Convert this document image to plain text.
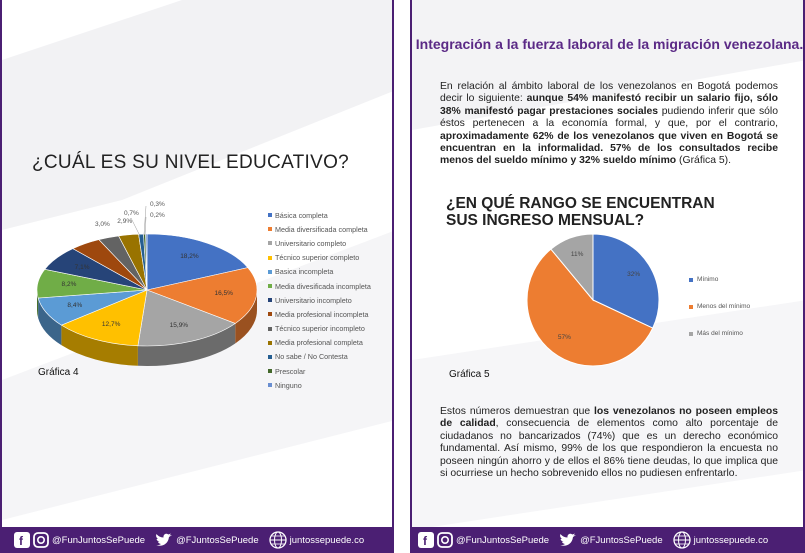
¿CUÁL ES SU NIVEL EDUCATIVO?
18,2%
16,5%
15,9%
12,7%
8,4%
8,2%
7,1%
3,0% 2,9%
0,7%
0,3%
0,2%	Básica completa
Media diversificada completa
Universitario completo
Técnico superior completo
Basica incompleta
Media divesificada incompleta
Universitario incompleto
Media profesional incompleta
Técnico superior incompleto
Media profesional completa
No sabe / No Contesta
Prescolar
Ninguno
Gráfica 4
f	@FunJuntosSePuede	@FJuntosSePuede	juntossepuede.co
Integración a la fuerza laboral de la migración venezolana.
En relación al ámbito laboral de los venezolanos en Bogotá podemos decir lo siguiente: aunque 54% manifestó recibir un salario fijo, sólo 38% manifestó pagar prestaciones sociales pudiendo inferir que sólo éstos pertenecen a la economía formal, y que, por el contrario, aproximadamente 62% de los venezolanos que viven en Bogotá se encuentran en la informalidad. 57% de los consultados recibe menos del sueldo mínimo y 32% sueldo mínimo (Gráfica 5).
¿EN QUÉ RANGO SE ENCUENTRAN SUS INGRESO MENSUAL?
32%
57%
11%
Mínimo
Menos del mínimo
Más del mínimo
Gráfica 5
Estos números demuestran que los venezolanos no poseen empleos de calidad, consecuencia de elementos como alto porcentaje de ciudadanos no bancarizados (74%) que es un derecho económico fundamental. Así mismo, 99% de los que respondieron la encuesta no poseen ningún ahorro y de ellos el 86% tiene deudas, lo que implica que si ocurriese un hecho sobrevenido ellos no pudiesen enfrentarlo.
f	@FunJuntosSePuede	@FJuntosSePuede	juntossepuede.co
